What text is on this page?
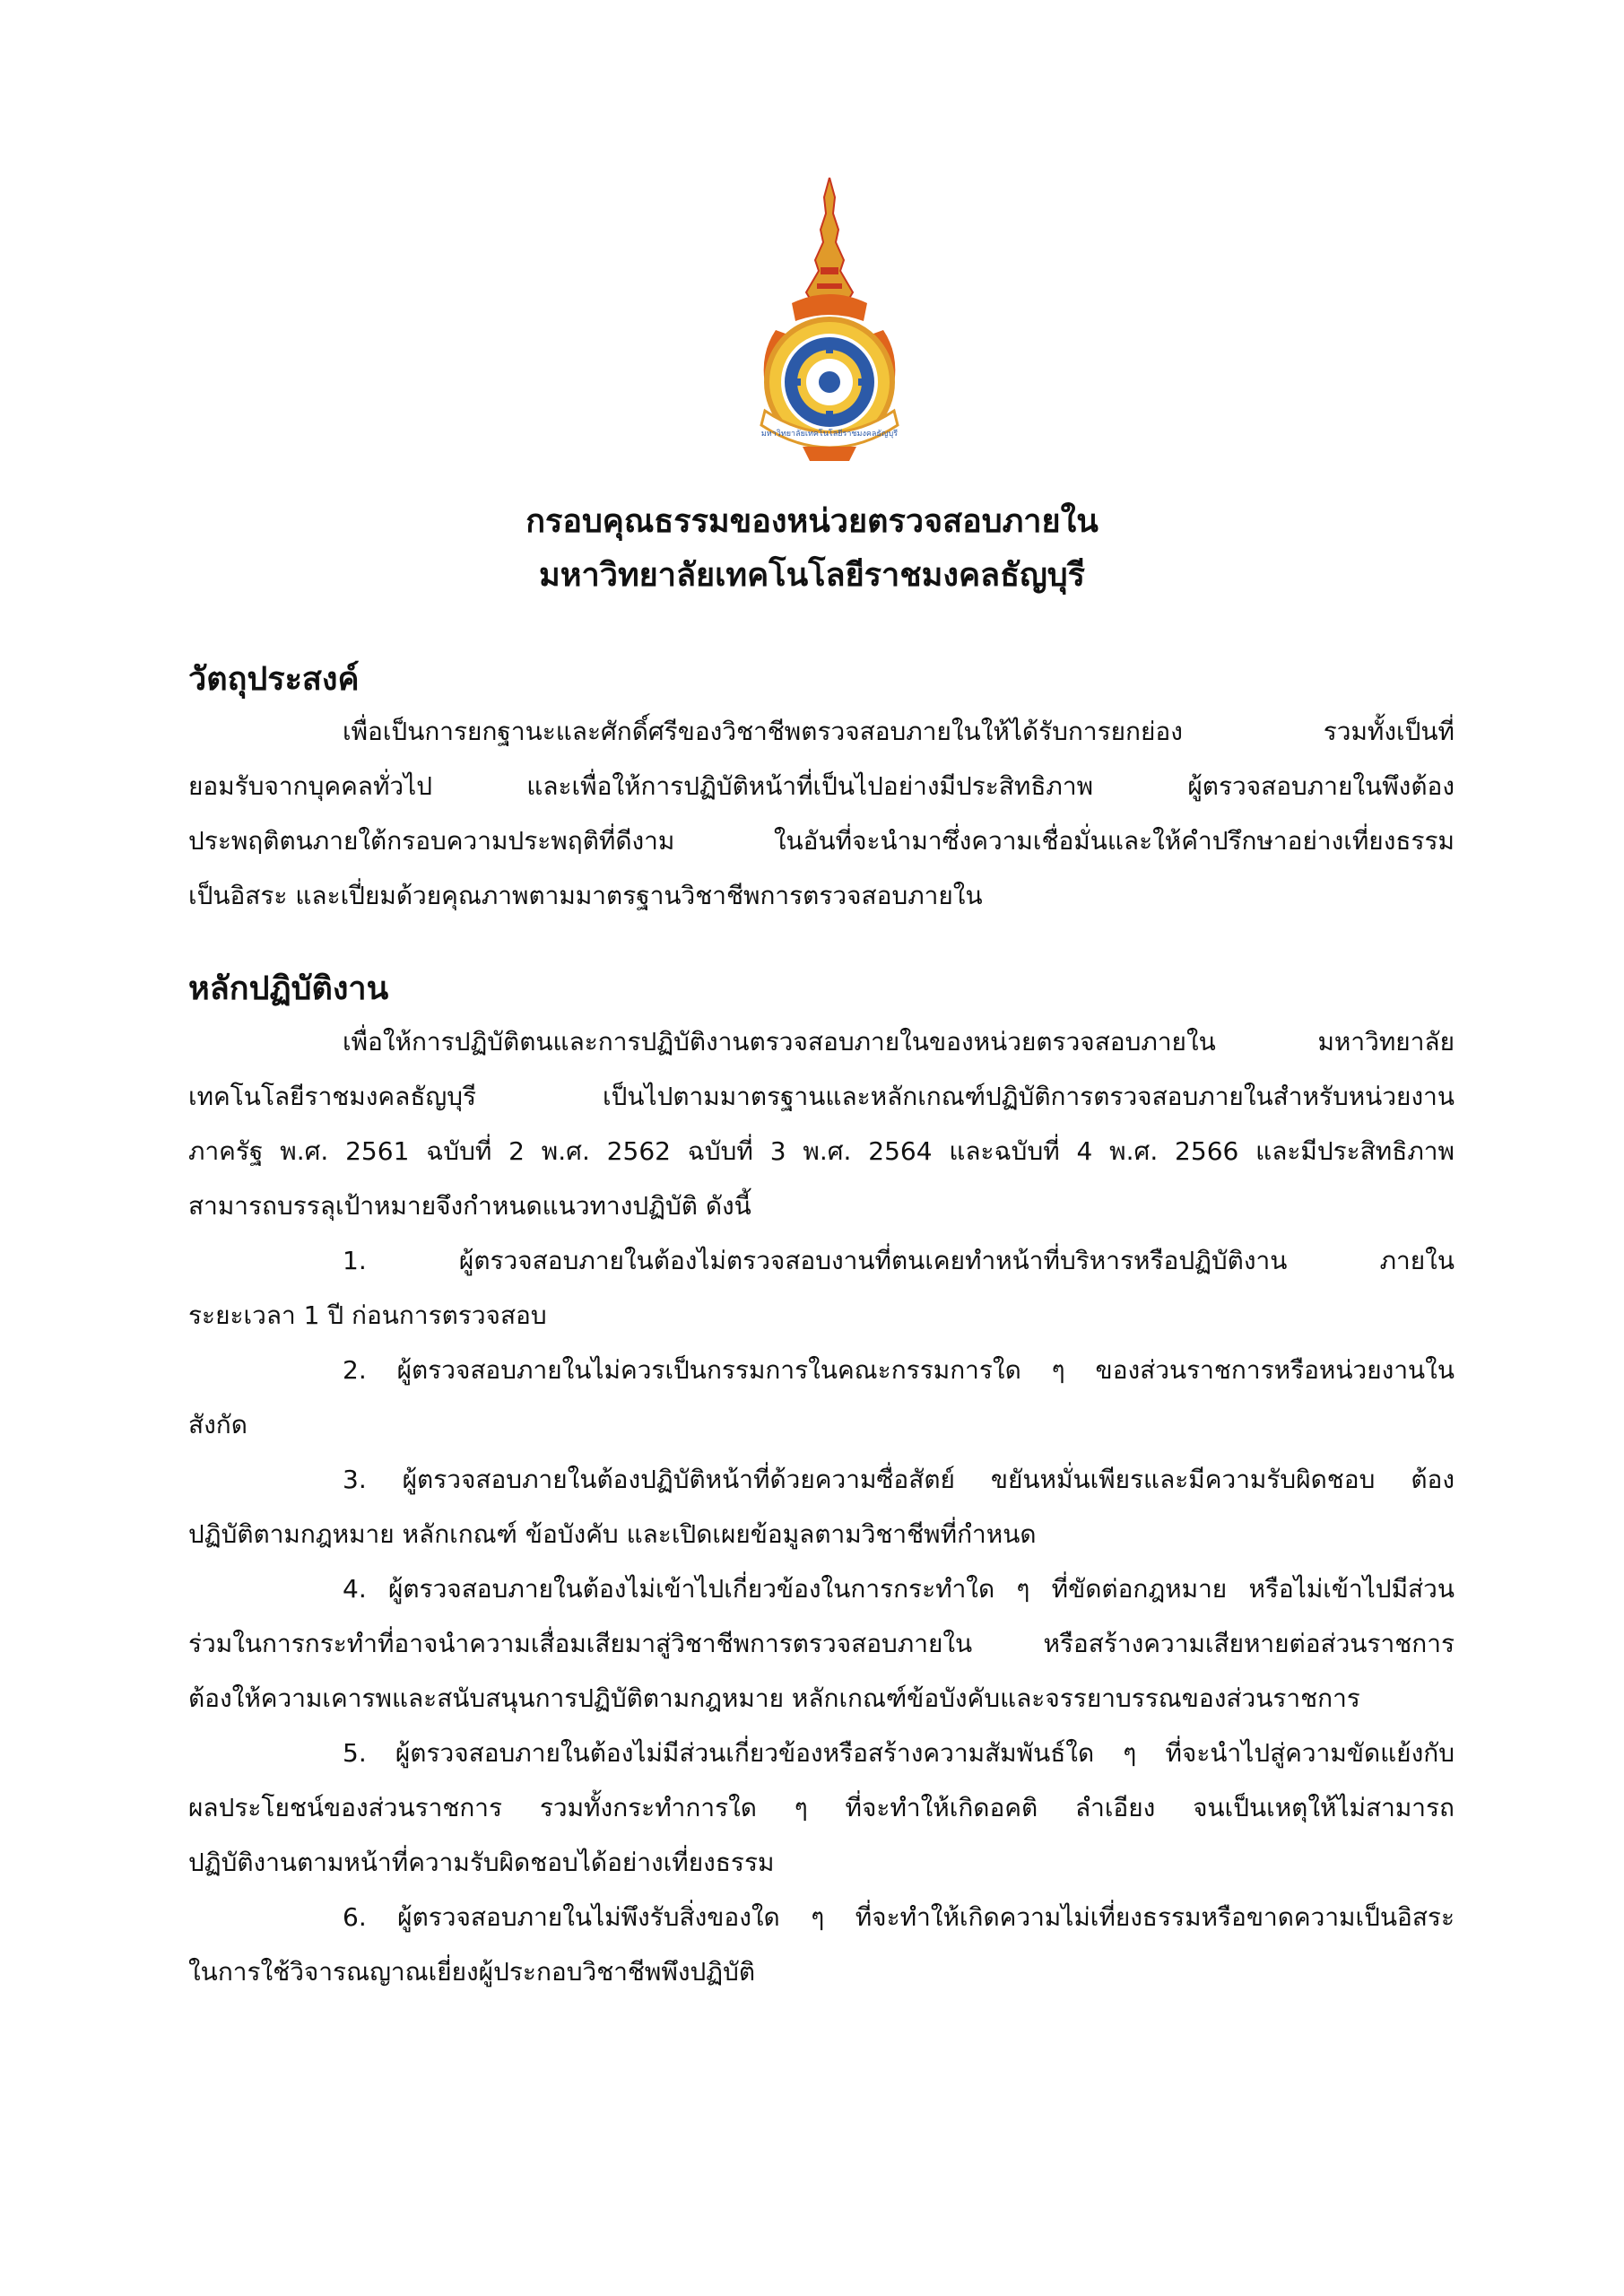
มหาวิทยาลัยเทคโนโลยีราชมงคลธัญบุรี
กรอบคุณธรรมของหน่วยตรวจสอบภายใน
มหาวิทยาลัยเทคโนโลยีราชมงคลธัญบุรี
วัตถุประสงค์
เพื่อเป็นการยกฐานะและศักดิ์ศรีของวิชาชีพตรวจสอบภายในให้ได้รับการยกย่อง รวมทั้งเป็นที่
ยอมรับจากบุคคลทั่วไป และเพื่อให้การปฏิบัติหน้าที่เป็นไปอย่างมีประสิทธิภาพ ผู้ตรวจสอบภายในพึงต้อง
ประพฤติตนภายใต้กรอบความประพฤติที่ดีงาม ในอันที่จะนำมาซึ่งความเชื่อมั่นและให้คำปรึกษาอย่างเที่ยงธรรม
เป็นอิสระ และเปี่ยมด้วยคุณภาพตามมาตรฐานวิชาชีพการตรวจสอบภายใน
หลักปฏิบัติงาน
เพื่อให้การปฏิบัติตนและการปฏิบัติงานตรวจสอบภายในของหน่วยตรวจสอบภายใน มหาวิทยาลัย
เทคโนโลยีราชมงคลธัญบุรี เป็นไปตามมาตรฐานและหลักเกณฑ์ปฏิบัติการตรวจสอบภายในสำหรับหน่วยงาน
ภาครัฐ พ.ศ. 2561 ฉบับที่ 2 พ.ศ. 2562 ฉบับที่ 3 พ.ศ. 2564 และฉบับที่ 4 พ.ศ. 2566 และมีประสิทธิภาพ
สามารถบรรลุเป้าหมายจึงกำหนดแนวทางปฏิบัติ ดังนี้
1. ผู้ตรวจสอบภายในต้องไม่ตรวจสอบงานที่ตนเคยทำหน้าที่บริหารหรือปฏิบัติงาน ภายใน
ระยะเวลา 1 ปี ก่อนการตรวจสอบ
2. ผู้ตรวจสอบภายในไม่ควรเป็นกรรมการในคณะกรรมการใด ๆ ของส่วนราชการหรือหน่วยงานใน
สังกัด
3. ผู้ตรวจสอบภายในต้องปฏิบัติหน้าที่ด้วยความซื่อสัตย์ ขยันหมั่นเพียรและมีความรับผิดชอบ ต้อง
ปฏิบัติตามกฎหมาย หลักเกณฑ์ ข้อบังคับ และเปิดเผยข้อมูลตามวิชาชีพที่กำหนด
4. ผู้ตรวจสอบภายในต้องไม่เข้าไปเกี่ยวข้องในการกระทำใด ๆ ที่ขัดต่อกฎหมาย หรือไม่เข้าไปมีส่วน
ร่วมในการกระทำที่อาจนำความเสื่อมเสียมาสู่วิชาชีพการตรวจสอบภายใน หรือสร้างความเสียหายต่อส่วนราชการ
ต้องให้ความเคารพและสนับสนุนการปฏิบัติตามกฎหมาย หลักเกณฑ์ข้อบังคับและจรรยาบรรณของส่วนราชการ
5. ผู้ตรวจสอบภายในต้องไม่มีส่วนเกี่ยวข้องหรือสร้างความสัมพันธ์ใด ๆ ที่จะนำไปสู่ความขัดแย้งกับ
ผลประโยชน์ของส่วนราชการ รวมทั้งกระทำการใด ๆ ที่จะทำให้เกิดอคติ ลำเอียง จนเป็นเหตุให้ไม่สามารถ
ปฏิบัติงานตามหน้าที่ความรับผิดชอบได้อย่างเที่ยงธรรม
6. ผู้ตรวจสอบภายในไม่พึงรับสิ่งของใด ๆ ที่จะทำให้เกิดความไม่เที่ยงธรรมหรือขาดความเป็นอิสระ
ในการใช้วิจารณญาณเยี่ยงผู้ประกอบวิชาชีพพึงปฏิบัติ
